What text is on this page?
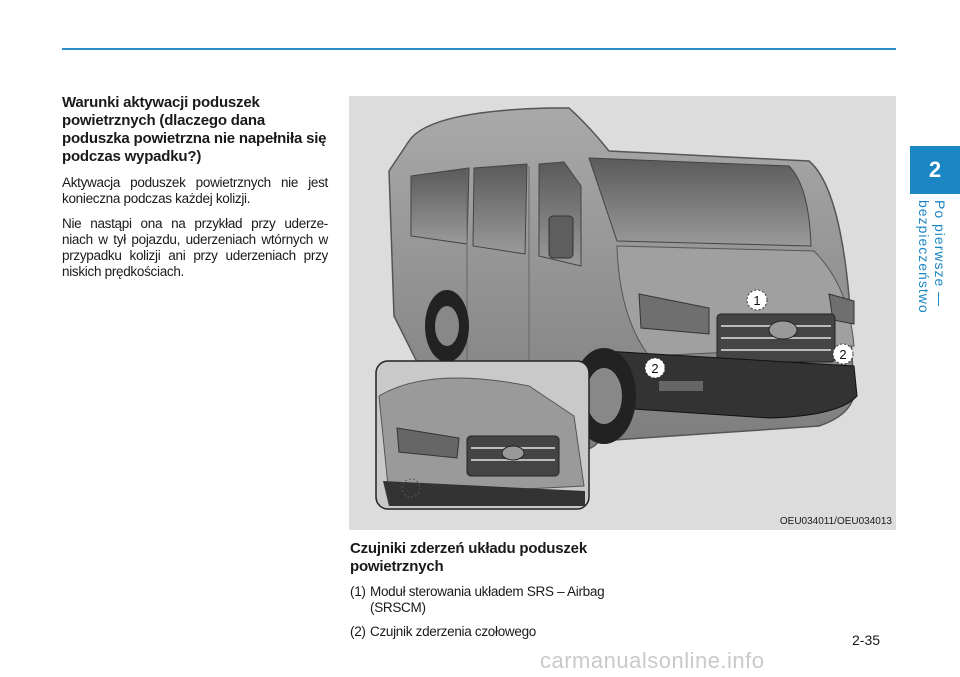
2
Po pierwsze — bezpieczeństwo
Warunki aktywacji poduszek powietrznych (dlaczego dana poduszka powietrzna nie napełniła się podczas wypadku?)

Aktywacja poduszek powietrznych nie jest konieczna podczas każdej kolizji.

Nie nastąpi ona na przykład przy uderze- niach w tył pojazdu, uderzeniach wtórnych w przypadku kolizji ani przy uderzeniach przy niskich prędkościach.

1
2
2
OEU034011/OEU034013
Czujniki zderzeń układu poduszek powietrznych
(1) Moduł sterowania układem SRS – Airbag (SRSCM)
(2) Czujnik zderzenia czołowego
2-35
carmanualsonline.info
